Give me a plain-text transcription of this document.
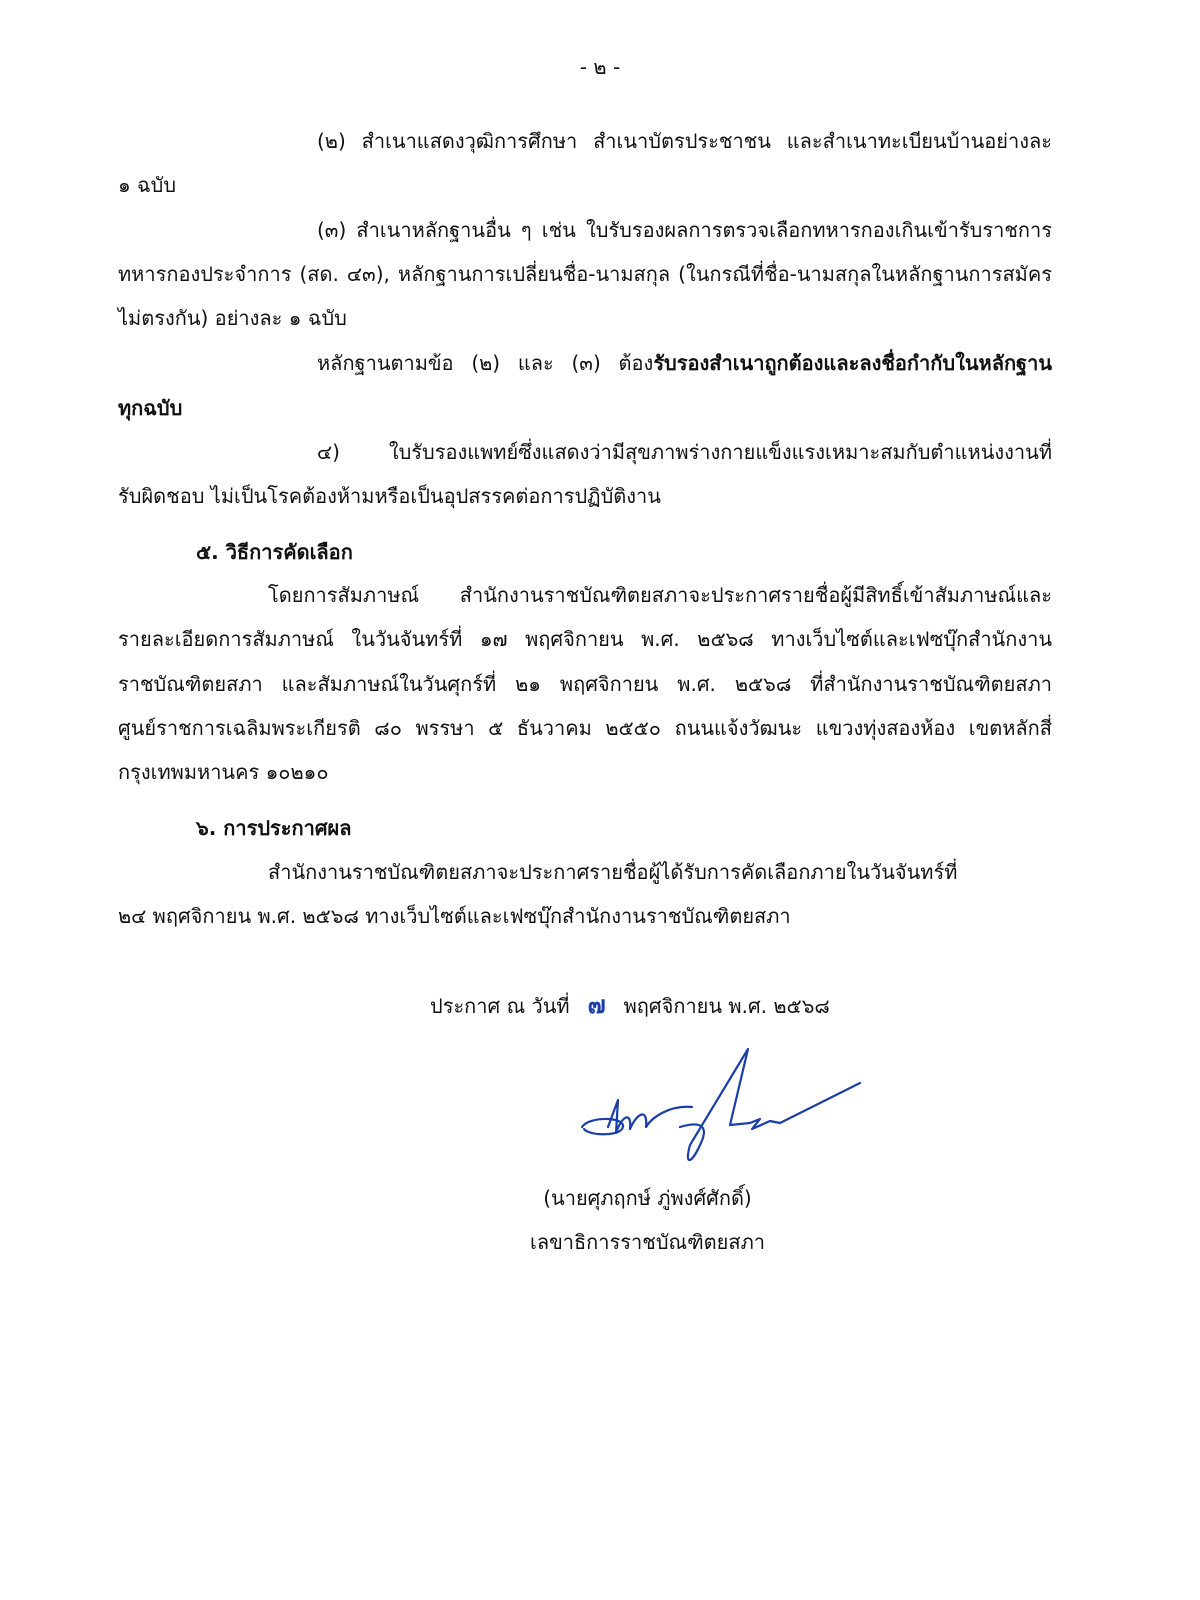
- ๒ -
(๒) สำเนาแสดงวุฒิการศึกษา สำเนาบัตรประชาชน และสำเนาทะเบียนบ้านอย่างละ
๑ ฉบับ
(๓) สำเนาหลักฐานอื่น ๆ เช่น ใบรับรองผลการตรวจเลือกทหารกองเกินเข้ารับราชการ
ทหารกองประจำการ (สด. ๔๓), หลักฐานการเปลี่ยนชื่อ-นามสกุล (ในกรณีที่ชื่อ-นามสกุลในหลักฐานการสมัคร
ไม่ตรงกัน) อย่างละ ๑ ฉบับ
หลักฐานตามข้อ (๒) และ (๓) ต้องรับรองสำเนาถูกต้องและลงชื่อกำกับในหลักฐาน
ทุกฉบับ
๔) ใบรับรองแพทย์ซึ่งแสดงว่ามีสุขภาพร่างกายแข็งแรงเหมาะสมกับตำแหน่งงานที่
รับผิดชอบ ไม่เป็นโรคต้องห้ามหรือเป็นอุปสรรคต่อการปฏิบัติงาน
๕. วิธีการคัดเลือก
โดยการสัมภาษณ์ สำนักงานราชบัณฑิตยสภาจะประกาศรายชื่อผู้มีสิทธิ์เข้าสัมภาษณ์และ
รายละเอียดการสัมภาษณ์ ในวันจันทร์ที่ ๑๗ พฤศจิกายน พ.ศ. ๒๕๖๘ ทางเว็บไซต์และเฟซบุ๊กสำนักงาน
ราชบัณฑิตยสภา และสัมภาษณ์ในวันศุกร์ที่ ๒๑ พฤศจิกายน พ.ศ. ๒๕๖๘ ที่สำนักงานราชบัณฑิตยสภา
ศูนย์ราชการเฉลิมพระเกียรติ ๘๐ พรรษา ๕ ธันวาคม ๒๕๕๐ ถนนแจ้งวัฒนะ แขวงทุ่งสองห้อง เขตหลักสี่
กรุงเทพมหานคร ๑๐๒๑๐
๖. การประกาศผล
สำนักงานราชบัณฑิตยสภาจะประกาศรายชื่อผู้ได้รับการคัดเลือกภายในวันจันทร์ที่
๒๔ พฤศจิกายน พ.ศ. ๒๕๖๘ ทางเว็บไซต์และเฟซบุ๊กสำนักงานราชบัณฑิตยสภา
ประกาศ ณ วันที่ ๗ พฤศจิกายน พ.ศ. ๒๕๖๘
(นายศุภฤกษ์ ภู่พงศ์ศักดิ์)
เลขาธิการราชบัณฑิตยสภา
